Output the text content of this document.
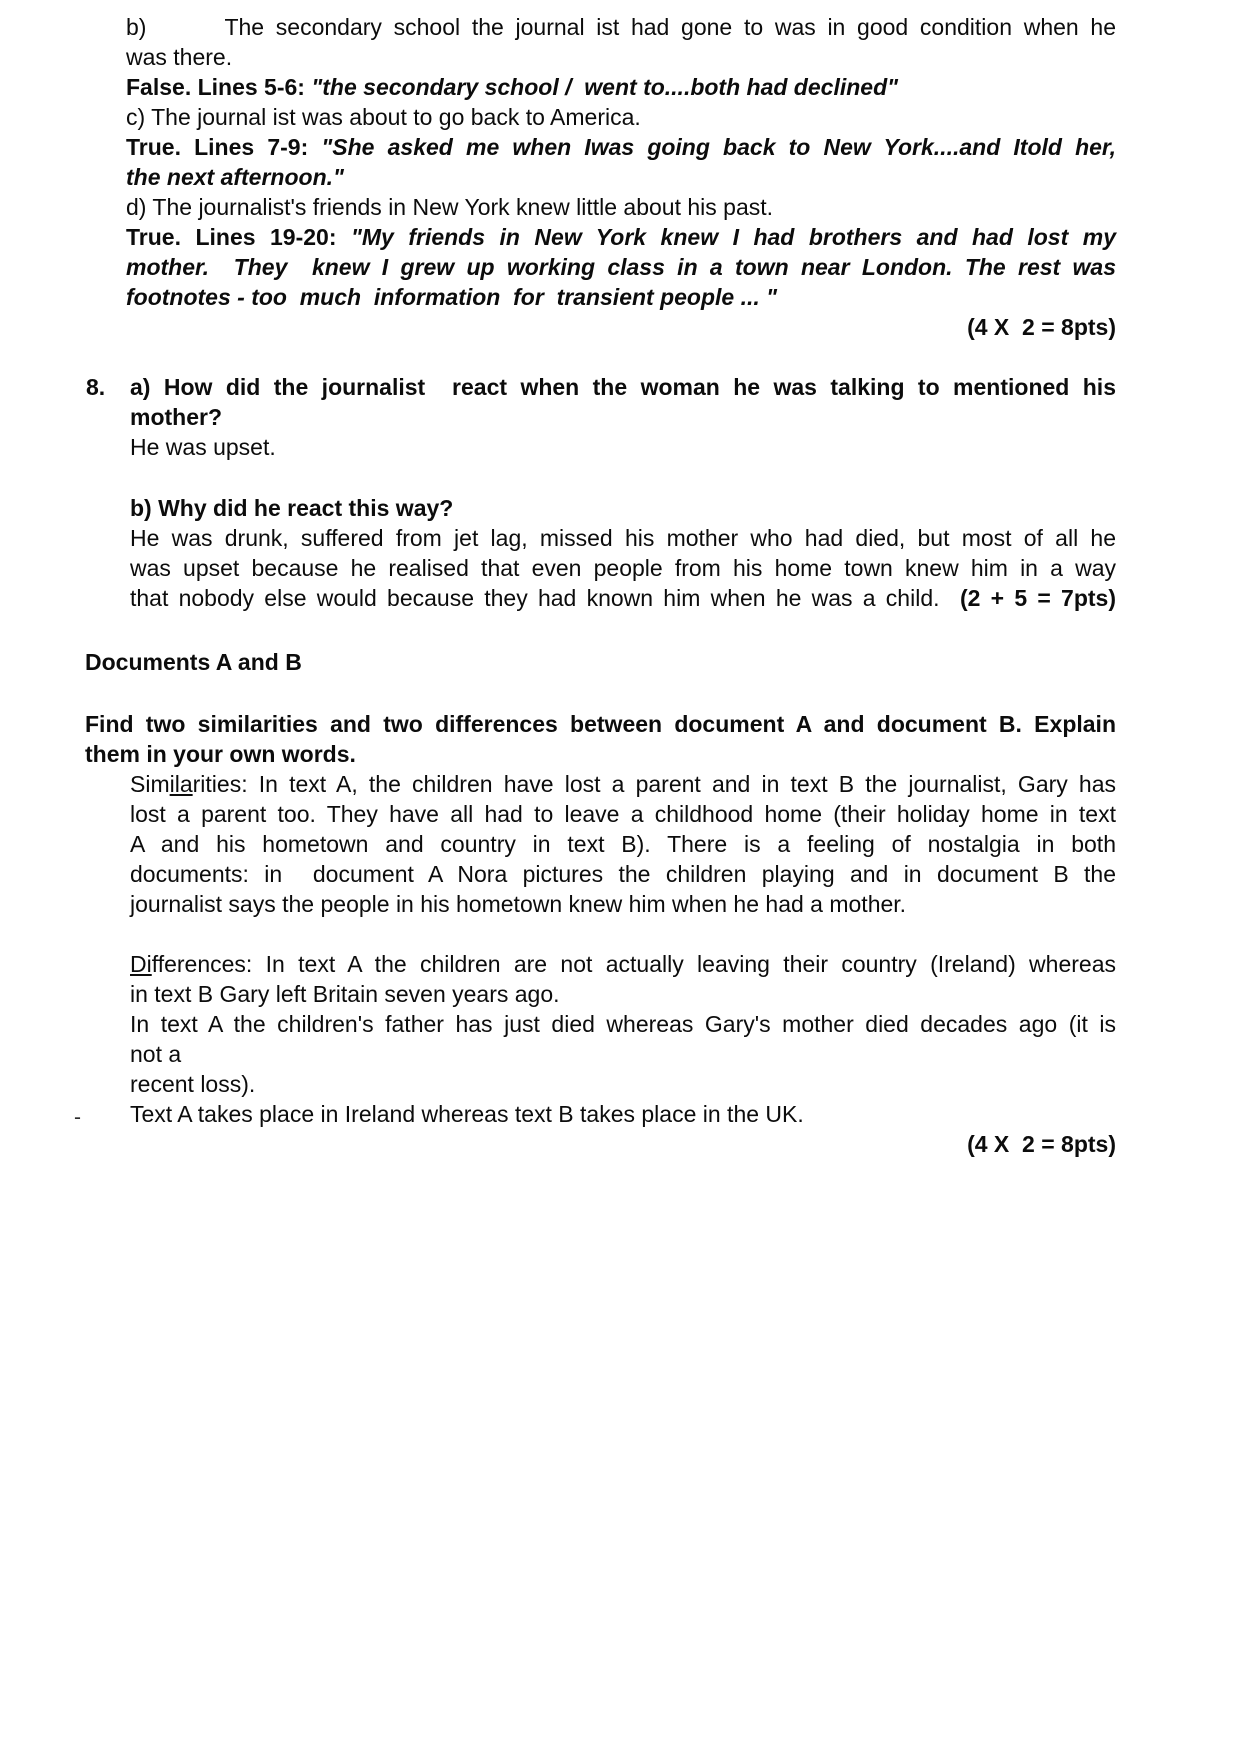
b)	The secondary school the journal ist had gone to was in good condition when he
was there.
False. Lines 5-6: "the secondary school /  went to....both had declined"
c) The journal ist was about to go back to America.
True. Lines 7-9: "She asked me when Iwas going back to New York....and Itold her,
the next afternoon."
d) The journalist's friends in New York knew little about his past.
True. Lines 19-20: "My friends in New York knew I had brothers and had lost my
mother.  They  knew I grew up working class in a town near London. The rest was
footnotes - too  much  information  for  transient people ... "
(4 X  2 = 8pts)
8. a) How did the journalist  react when the woman he was talking to mentioned his
mother?
He was upset.
b) Why did he react this way?
He was drunk, suffered from jet lag, missed his mother who had died, but most of all he
was upset because he realised that even people from his home town knew him in a way
that nobody else would because they had known him when he was a child.  (2 + 5 = 7pts)
Documents A and B
Find two similarities and two differences between document A and document B. Explain
them in your own words.
Similarities: In text A, the children have lost a parent and in text B the journalist, Gary has
lost a parent too. They have all had to leave a childhood home (their holiday home in text
A and his hometown and country in text B). There is a feeling of nostalgia in both
documents: in  document A Nora pictures the children playing and in document B the
journalist says the people in his hometown knew him when he had a mother.
Differences: In text A the children are not actually leaving their country (Ireland) whereas
in text B Gary left Britain seven years ago.
In text A the children's father has just died whereas Gary's mother died decades ago (it is
not a
recent loss).
Text A takes place in Ireland whereas text B takes place in the UK.
(4 X  2 = 8pts)
-
